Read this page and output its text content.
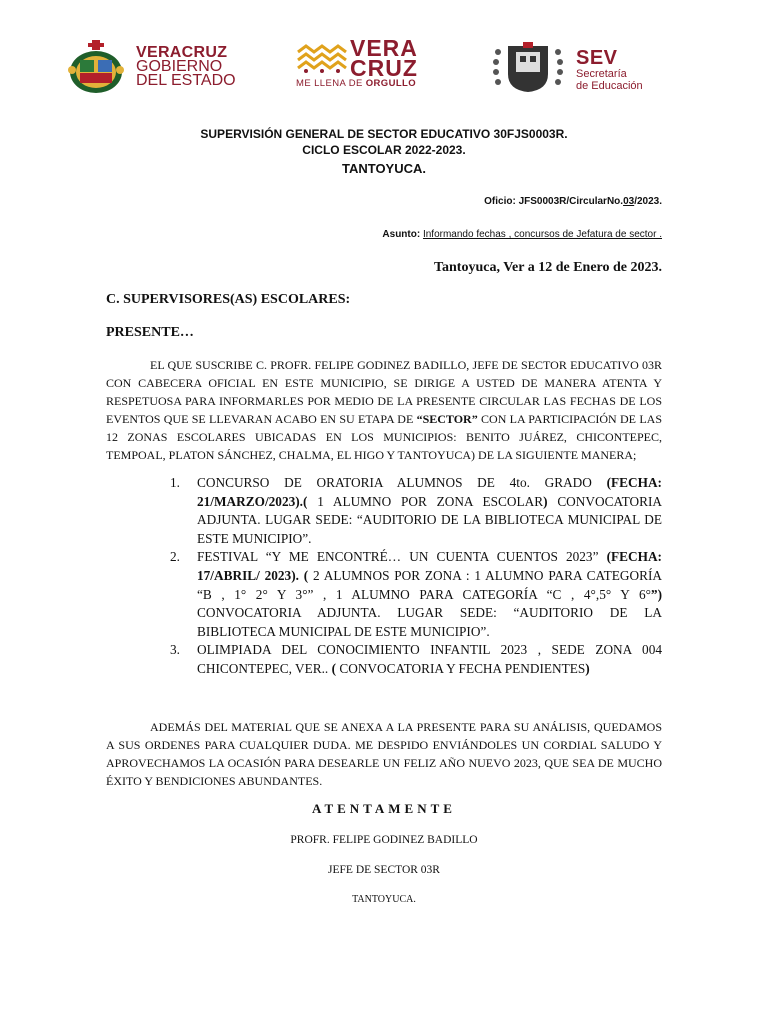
VERACRUZ
GOBIERNO
DEL ESTADO
VERA
CRUZ
ME LLENA DE ORGULLO
SEV
Secretaría
de Educación
SUPERVISIÓN GENERAL DE SECTOR EDUCATIVO 30FJS0003R.
CICLO ESCOLAR 2022-2023.
TANTOYUCA.
Oficio: JFS0003R/CircularNo.03/2023.
Asunto: Informando fechas , concursos de Jefatura de sector .
Tantoyuca, Ver a 12 de Enero de 2023.
C. SUPERVISORES(AS) ESCOLARES:
PRESENTE…
EL QUE SUSCRIBE C. PROFR. FELIPE GODINEZ BADILLO, JEFE DE SECTOR EDUCATIVO 03R CON CABECERA OFICIAL EN ESTE MUNICIPIO, SE DIRIGE A USTED DE MANERA ATENTA Y RESPETUOSA PARA INFORMARLES POR MEDIO DE LA PRESENTE CIRCULAR LAS FECHAS DE LOS EVENTOS QUE SE LLEVARAN ACABO EN SU ETAPA DE “SECTOR” CON LA PARTICIPACIÓN DE LAS 12 ZONAS ESCOLARES UBICADAS EN LOS MUNICIPIOS: BENITO JUÁREZ, CHICONTEPEC, TEMPOAL, PLATON SÁNCHEZ, CHALMA, EL HIGO Y TANTOYUCA) DE LA SIGUIENTE MANERA;
1. CONCURSO DE ORATORIA ALUMNOS DE 4to. GRADO (FECHA: 21/MARZO/2023).( 1 ALUMNO POR ZONA ESCOLAR) CONVOCATORIA ADJUNTA. LUGAR SEDE: “AUDITORIO DE LA BIBLIOTECA MUNICIPAL DE ESTE MUNICIPIO”.
2. FESTIVAL “Y ME ENCONTRÉ… UN CUENTA CUENTOS 2023” (FECHA: 17/ABRIL/ 2023). ( 2 ALUMNOS POR ZONA : 1 ALUMNO PARA CATEGORÍA “B , 1° 2° Y 3°” , 1 ALUMNO PARA CATEGORÍA “C , 4°,5° Y 6°”) CONVOCATORIA ADJUNTA. LUGAR SEDE: “AUDITORIO DE LA BIBLIOTECA MUNICIPAL DE ESTE MUNICIPIO”.
3. OLIMPIADA DEL CONOCIMIENTO INFANTIL 2023 , SEDE ZONA 004 CHICONTEPEC, VER.. ( CONVOCATORIA Y FECHA PENDIENTES)
ADEMÁS DEL MATERIAL QUE SE ANEXA A LA PRESENTE PARA SU ANÁLISIS, QUEDAMOS A SUS ORDENES PARA CUALQUIER DUDA. ME DESPIDO ENVIÁNDOLES UN CORDIAL SALUDO Y APROVECHAMOS LA OCASIÓN PARA DESEARLE UN FELIZ AÑO NUEVO 2023, QUE SEA DE MUCHO ÉXITO Y BENDICIONES ABUNDANTES.
ATENTAMENTE
PROFR. FELIPE GODINEZ BADILLO
JEFE DE SECTOR 03R
TANTOYUCA.
